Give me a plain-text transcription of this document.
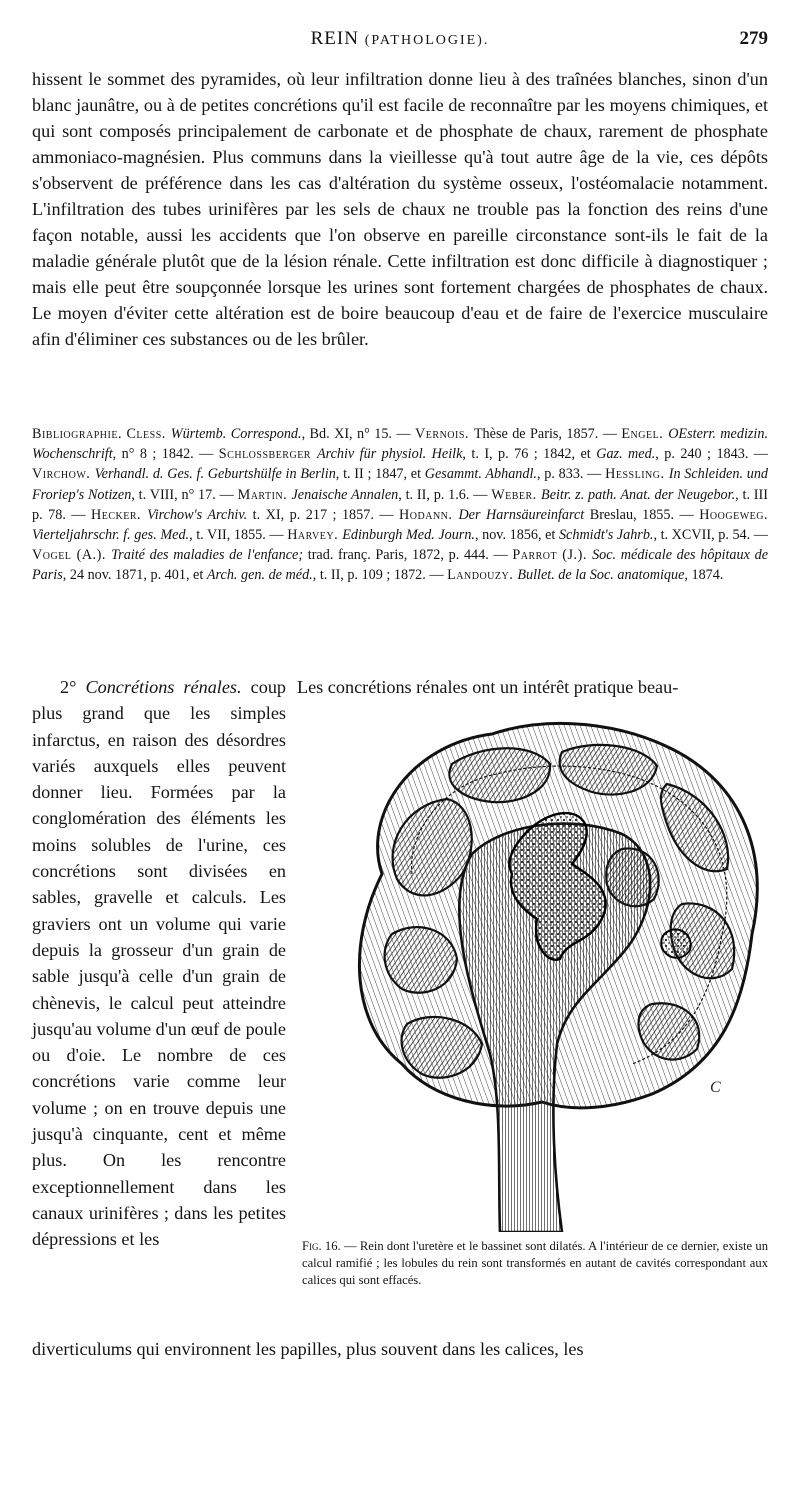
REIN (PATHOLOGIE).	279

hissent le sommet des pyramides, où leur infiltration donne lieu à des traînées blanches, sinon d'un blanc jaunâtre, ou à de petites concrétions qu'il est facile de reconnaître par les moyens chimiques, et qui sont composés principalement de carbonate et de phosphate de chaux, rarement de phosphate ammoniaco-magnésien. Plus communs dans la vieillesse qu'à tout autre âge de la vie, ces dépôts s'observent de préférence dans les cas d'altération du système osseux, l'ostéomalacie notamment. L'infiltration des tubes urinifères par les sels de chaux ne trouble pas la fonction des reins d'une façon notable, aussi les accidents que l'on observe en pareille circonstance sont-ils le fait de la maladie générale plutôt que de la lésion rénale. Cette infiltration est donc difficile à diagnostiquer ; mais elle peut être soupçonnée lorsque les urines sont fortement chargées de phosphates de chaux. Le moyen d'éviter cette altération est de boire beaucoup d'eau et de faire de l'exercice musculaire afin d'éliminer ces substances ou de les brûler.

Bibliographie. Cless. Würtemb. Correspond., Bd. XI, n° 15. — Vernois. Thèse de Paris, 1857. — Engel. OEsterr. medizin. Wochenschrift, n° 8 ; 1842. — Schlossberger Archiv für physiol. Heilk, t. I, p. 76 ; 1842, et Gaz. med., p. 240 ; 1843. — Virchow. Verhandl. d. Ges. f. Geburtshülfe in Berlin, t. II ; 1847, et Gesammt. Abhandl., p. 833. — Hessling. In Schleiden. und Froriep's Notizen, t. VIII, n° 17. — Martin. Jenaische Annalen, t. II, p. 1.6. — Weber. Beitr. z. path. Anat. der Neugebor., t. III p. 78. — Hecker. Virchow's Archiv. t. XI, p. 217 ; 1857. — Hodann. Der Harnsäureinfarct Breslau, 1855. — Hoogeweg. Vierteljahrschr. f. ges. Med., t. VII, 1855. — Harvey. Edinburgh Med. Journ., nov. 1856, et Schmidt's Jahrb., t. XCVII, p. 54. — Vogel (A.). Traité des maladies de l'enfance; trad. franç. Paris, 1872, p. 444. — Parrot (J.). Soc. médicale des hôpitaux de Paris, 24 nov. 1871, p. 401, et Arch. gen. de méd., t. II, p. 109 ; 1872. — Landouzy. Bullet. de la Soc. anatomique, 1874.

2° Concrétions rénales. coup plus grand que les simples infarctus, en raison des désordres variés auxquels elles peuvent donner lieu. Formées par la conglomération des éléments les moins solubles de l'urine, ces concrétions sont divisées en sables, gravelle et calculs. Les graviers ont un volume qui varie depuis la grosseur d'un grain de sable jusqu'à celle d'un grain de chènevis, le calcul peut atteindre jusqu'au volume d'un œuf de poule ou d'oie. Le nombre de ces concrétions varie comme leur volume ; on en trouve depuis une jusqu'à cinquante, cent et même plus. On les rencontre exceptionnellement dans les canaux urinifères ; dans les petites dépressions et les

Les concrétions rénales ont un intérêt pratique beau-

C

Fig. 16. — Rein dont l'uretère et le bassinet sont dilatés. A l'intérieur de ce dernier, existe un calcul ramifié ; les lobules du rein sont transformés en autant de cavités correspondant aux calices qui sont effacés.

diverticulums qui environnent les papilles, plus souvent dans les calices, les
